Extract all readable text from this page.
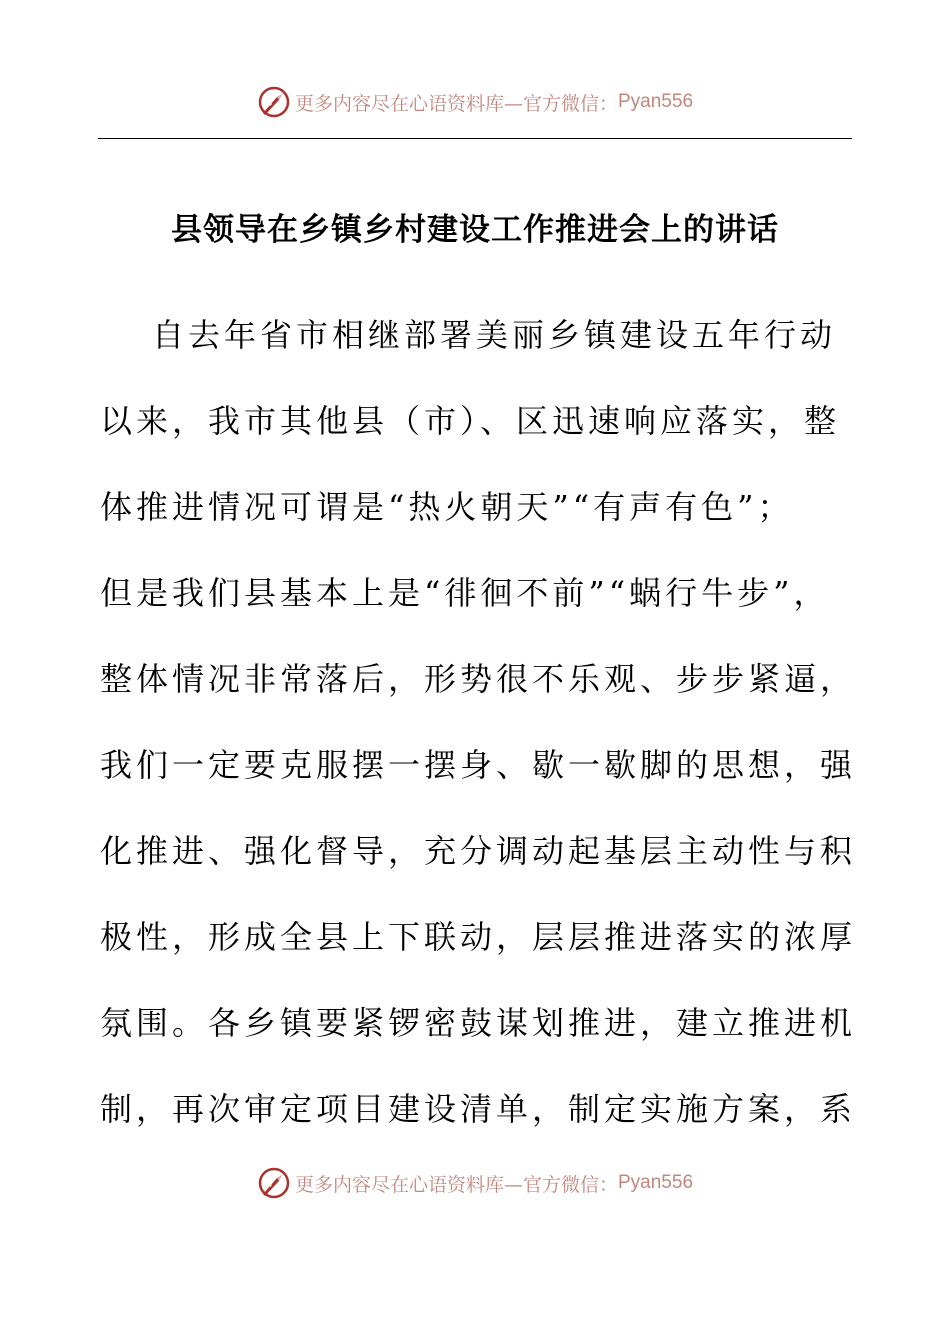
更多内容尽在心语资料库—官方微信： Pyan556
县领导在乡镇乡村建设工作推进会上的讲话
自去年省市相继部署美丽乡镇建设五年行动
以来，我市其他县（市）、区迅速响应落实，整
体推进情况可谓是“热火朝天”“有声有色”；
但是我们县基本上是“徘徊不前”“蜗行牛步”，
整体情况非常落后，形势很不乐观、步步紧逼，
我们一定要克服摆一摆身、歇一歇脚的思想，强
化推进、强化督导，充分调动起基层主动性与积
极性，形成全县上下联动，层层推进落实的浓厚
氛围。各乡镇要紧锣密鼓谋划推进，建立推进机
制，再次审定项目建设清单，制定实施方案，系
更多内容尽在心语资料库—官方微信： Pyan556
